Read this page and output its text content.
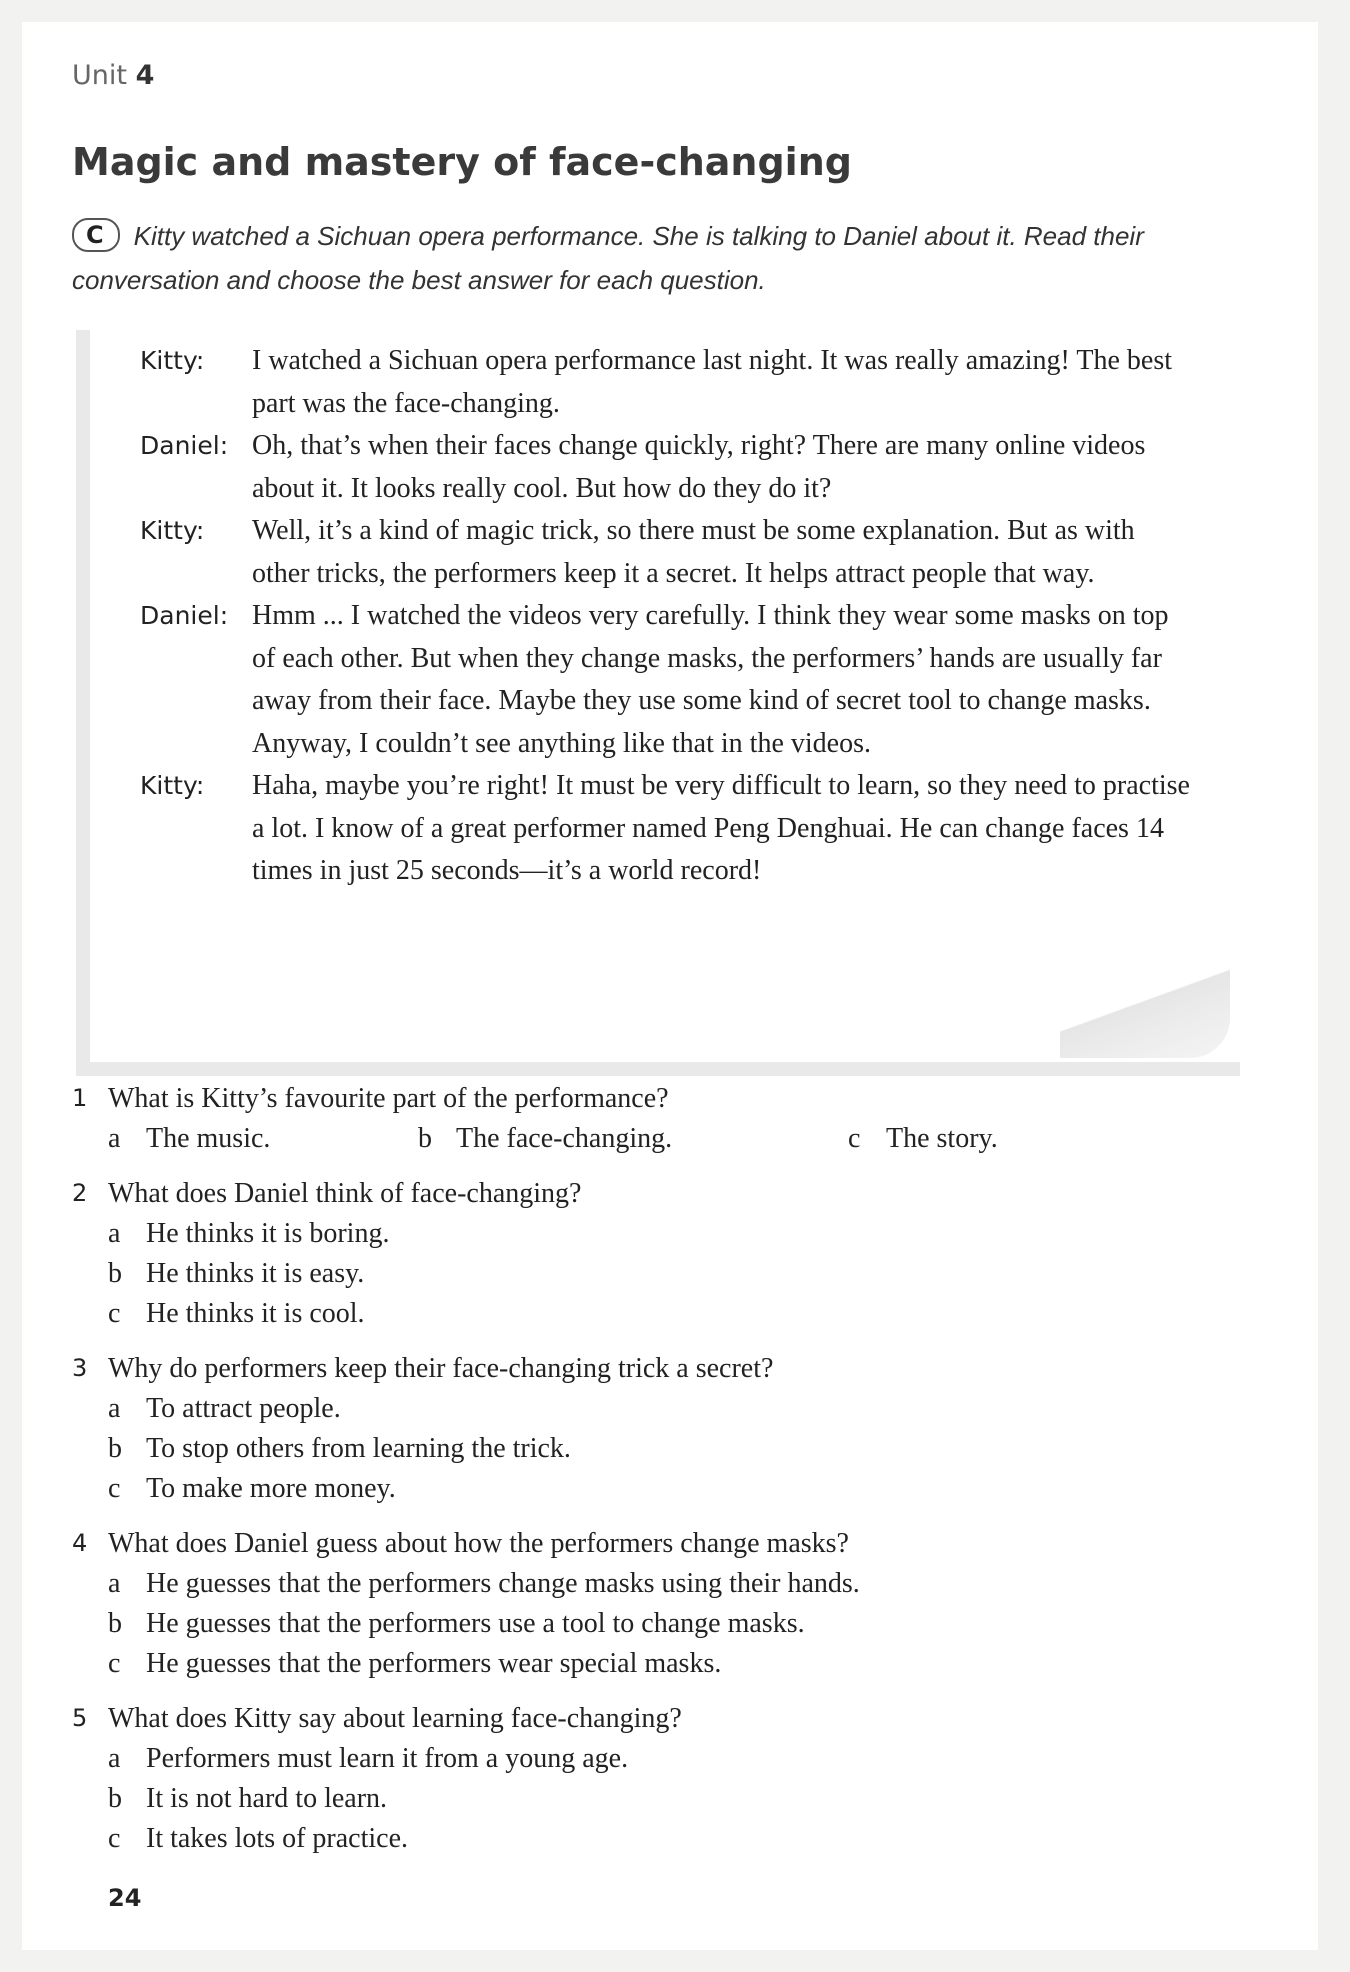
Unit 4
Magic and mastery of face-changing
C Kitty watched a Sichuan opera performance. She is talking to Daniel about it. Read their conversation and choose the best answer for each question.
Kitty:	I watched a Sichuan opera performance last night. It was really amazing! The best part was the face-changing.
Daniel: Oh, that’s when their faces change quickly, right? There are many online videos about it. It looks really cool. But how do they do it?
Kitty:	Well, it’s a kind of magic trick, so there must be some explanation. But as with other tricks, the performers keep it a secret. It helps attract people that way.
Daniel: Hmm ... I watched the videos very carefully. I think they wear some masks on top of each other. But when they change masks, the performers’ hands are usually far away from their face. Maybe they use some kind of secret tool to change masks. Anyway, I couldn’t see anything like that in the videos.
Kitty:	Haha, maybe you’re right! It must be very difficult to learn, so they need to practise a lot. I know of a great performer named Peng Denghuai. He can change faces 14 times in just 25 seconds—it’s a world record!
1 What is Kitty’s favourite part of the performance?
a The music.	b The face-changing.	c The story.
2 What does Daniel think of face-changing?
a He thinks it is boring.
b He thinks it is easy.
c He thinks it is cool.
3 Why do performers keep their face-changing trick a secret?
a To attract people.
b To stop others from learning the trick.
c To make more money.
4 What does Daniel guess about how the performers change masks?
a He guesses that the performers change masks using their hands.
b He guesses that the performers use a tool to change masks.
c He guesses that the performers wear special masks.
5 What does Kitty say about learning face-changing?
a Performers must learn it from a young age.
b It is not hard to learn.
c It takes lots of practice.
24
